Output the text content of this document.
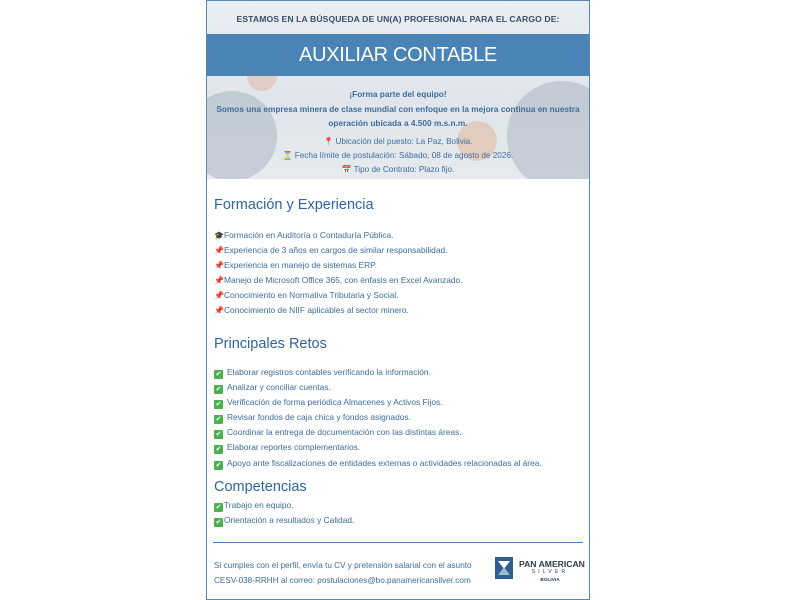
ESTAMOS EN LA BÚSQUEDA DE UN(A) PROFESIONAL PARA EL CARGO DE:
AUXILIAR CONTABLE
¡Forma parte del equipo!
Somos una empresa minera de clase mundial con enfoque en la mejora continua en nuestra operación ubicada a 4.500 m.s.n.m.
📍 Ubicación del puesto: La Paz, Bolivia.
⏳ Fecha límite de postulación: Sábado, 08 de agosto de 2026.
📅 Tipo de Contrato: Plazo fijo.
Formación y Experiencia
🎓Formación en Auditoría o Contaduría Pública.
📌Experiencia de 3 años en cargos de similar responsabilidad.
📌Experiencia en manejo de sistemas ERP.
📌Manejo de Microsoft Office 365, con énfasis en Excel Avanzado.
📌Conocimiento en Normativa Tributaria y Social.
📌Conocimiento de NIIF aplicables al sector minero.
Principales Retos
✔ Elaborar registros contables verificando la información.
✔ Analizar y conciliar cuentas.
✔ Verificación de forma periódica Almacenes y Activos Fijos.
✔ Revisar fondos de caja chica y fondos asignados.
✔ Coordinar la entrega de documentación con las distintas áreas.
✔ Elaborar reportes complementarios.
✔ Apoyo ante fiscalizaciones de entidades externas o actividades relacionadas al área.
Competencias
✔ Trabajo en equipo.
✔ Orientación a resultados y Calidad.
Si cumples con el perfil, envía tu CV y pretensión salarial con el asunto
CESV-038-RRHH al correo: postulaciones@bo.panamericansilver.com
PAN AMERICAN
SILVER
BOLIVIA
